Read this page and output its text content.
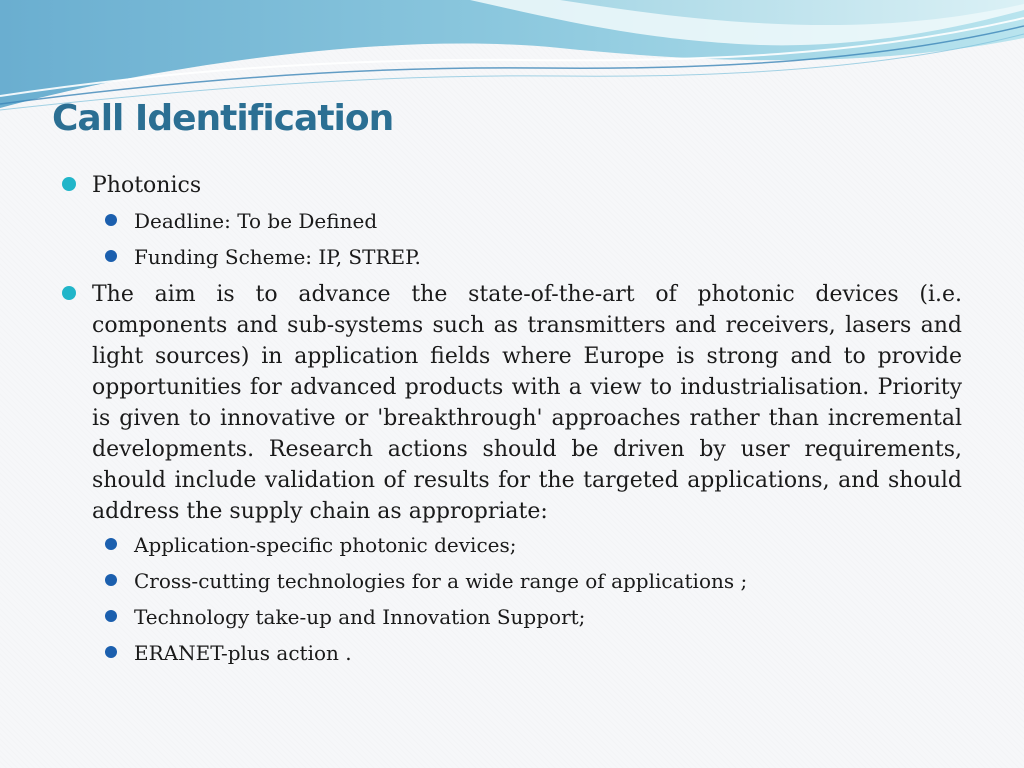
Call Identification
Photonics
Deadline: To be Defined
Funding Scheme: IP, STREP.
The aim is to advance the state-of-the-art of photonic devices (i.e. components and sub-systems such as transmitters and receivers, lasers and light sources) in application fields where Europe is strong and to provide opportunities for advanced products with a view to industrialisation. Priority is given to innovative or 'breakthrough' approaches rather than incremental developments. Research actions should be driven by user requirements, should include validation of results for the targeted applications, and should address the supply chain as appropriate:
Application-specific photonic devices;
Cross-cutting technologies for a wide range of applications ;
Technology take-up and Innovation Support;
ERANET-plus action .
